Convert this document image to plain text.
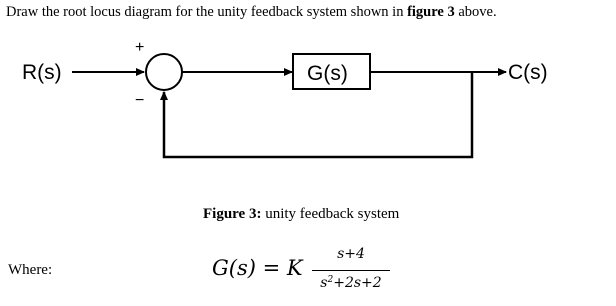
Draw the root locus diagram for the unity feedback system shown in figure 3 above.
R(s)
+
−
G(s)	C(s)
Figure 3: unity feedback system
Where:	G(s) = K
s+4
$s^2+2s+2$
